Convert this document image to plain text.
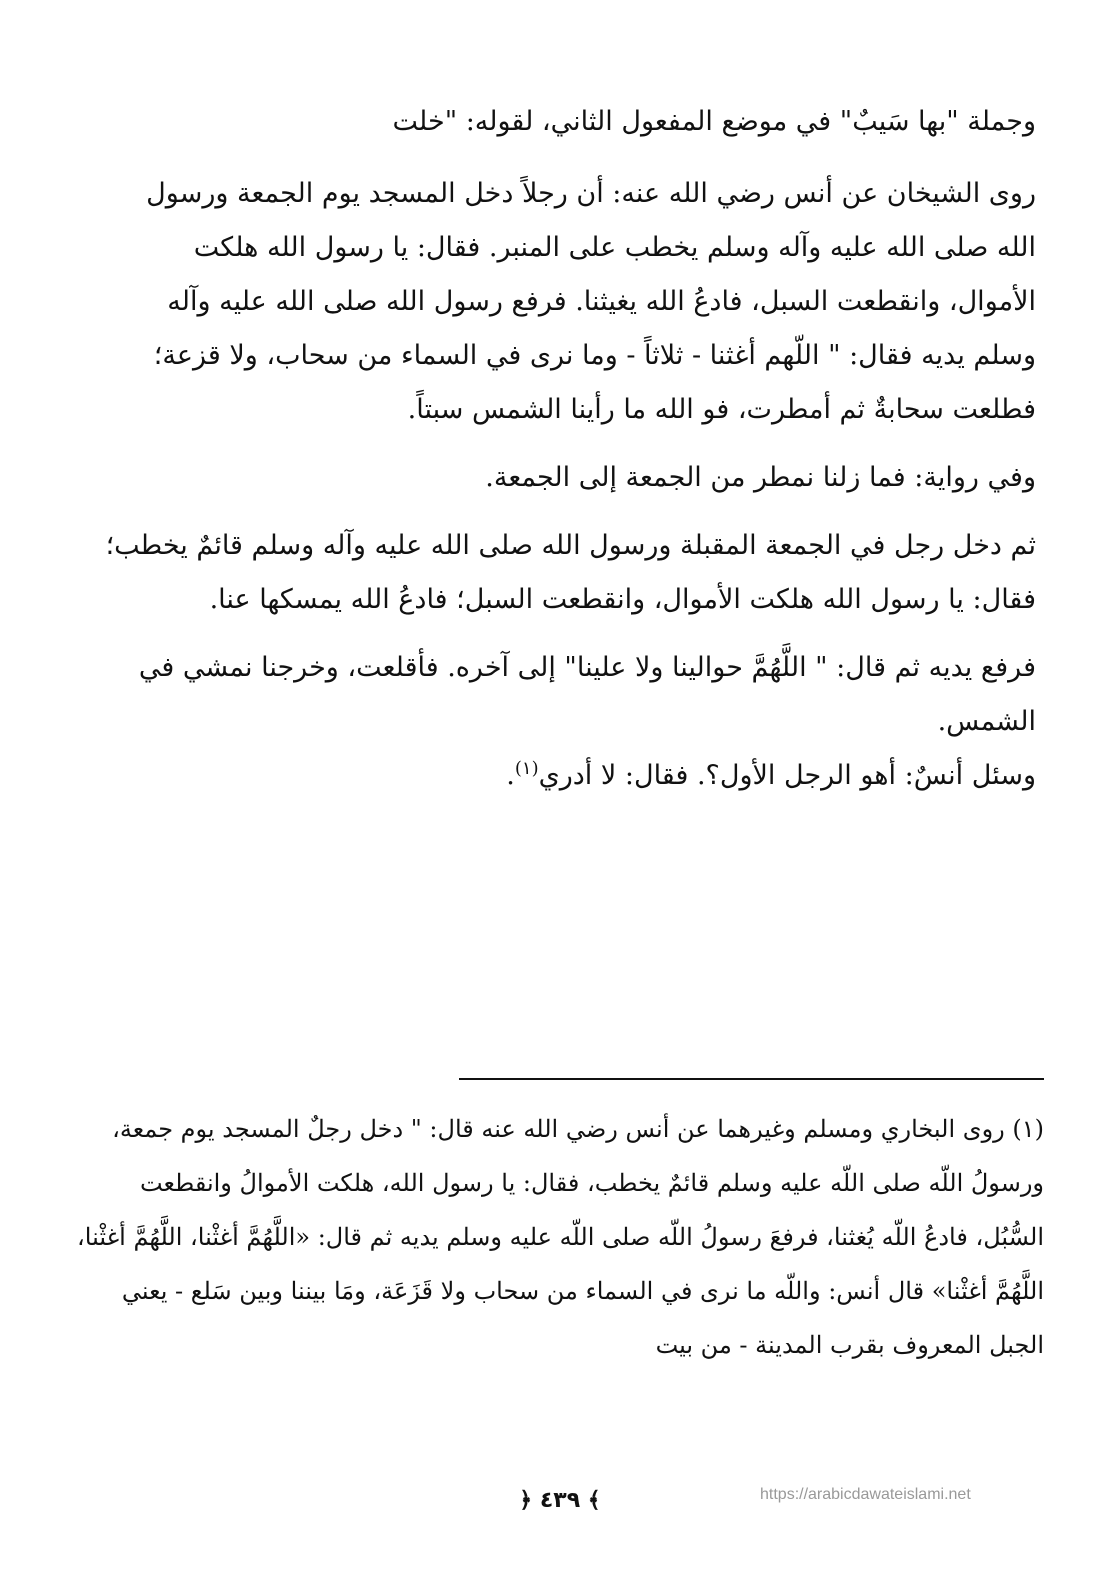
وجملة "بها سَيبٌ" في موضع المفعول الثاني، لقوله: "خلت

روى الشيخان عن أنس رضي الله عنه: أن رجلاً دخل المسجد يوم الجمعة ورسول الله صلى الله عليه وآله وسلم يخطب على المنبر. فقال: يا رسول الله هلكت الأموال، وانقطعت السبل، فادعُ الله يغيثنا. فرفع رسول الله صلى الله عليه وآله وسلم يديه فقال: " اللّهم أغثنا - ثلاثاً - وما نرى في السماء من سحاب، ولا قزعة؛ فطلعت سحابةٌ ثم أمطرت، فو الله ما رأينا الشمس سبتاً.

وفي رواية: فما زلنا نمطر من الجمعة إلى الجمعة.

ثم دخل رجل في الجمعة المقبلة ورسول الله صلى الله عليه وآله وسلم قائمٌ يخطب؛ فقال: يا رسول الله هلكت الأموال، وانقطعت السبل؛ فادعُ الله يمسكها عنا.

فرفع يديه ثم قال: " اللَّهُمَّ حوالينا ولا علينا" إلى آخره. فأقلعت، وخرجنا نمشي في الشمس.

وسئل أنسٌ: أهو الرجل الأول؟. فقال: لا أدري$^{(١)}$.

(١) روى البخاري ومسلم وغيرهما عن أنس رضي الله عنه قال: " دخل رجلٌ المسجد يوم جمعة، ورسولُ اللّه صلى اللّه عليه وسلم قائمٌ يخطب، فقال: يا رسول الله، هلكت الأموالُ وانقطعت السُّبُل، فادعُ اللّه يُغثنا، فرفعَ رسولُ اللّه صلى اللّه عليه وسلم يديه ثم قال: «اللَّهُمَّ أغثْنا، اللَّهُمَّ أغثْنا، اللَّهُمَّ أغثْنا» قال أنس: واللّه ما نرى في السماء من سحاب ولا قَزَعَة، ومَا بيننا وبين سَلع - يعني الجبل المعروف بقرب المدينة - من بيت

﴿ ٤٣٩ ﴾	https://arabicdawateislami.net
